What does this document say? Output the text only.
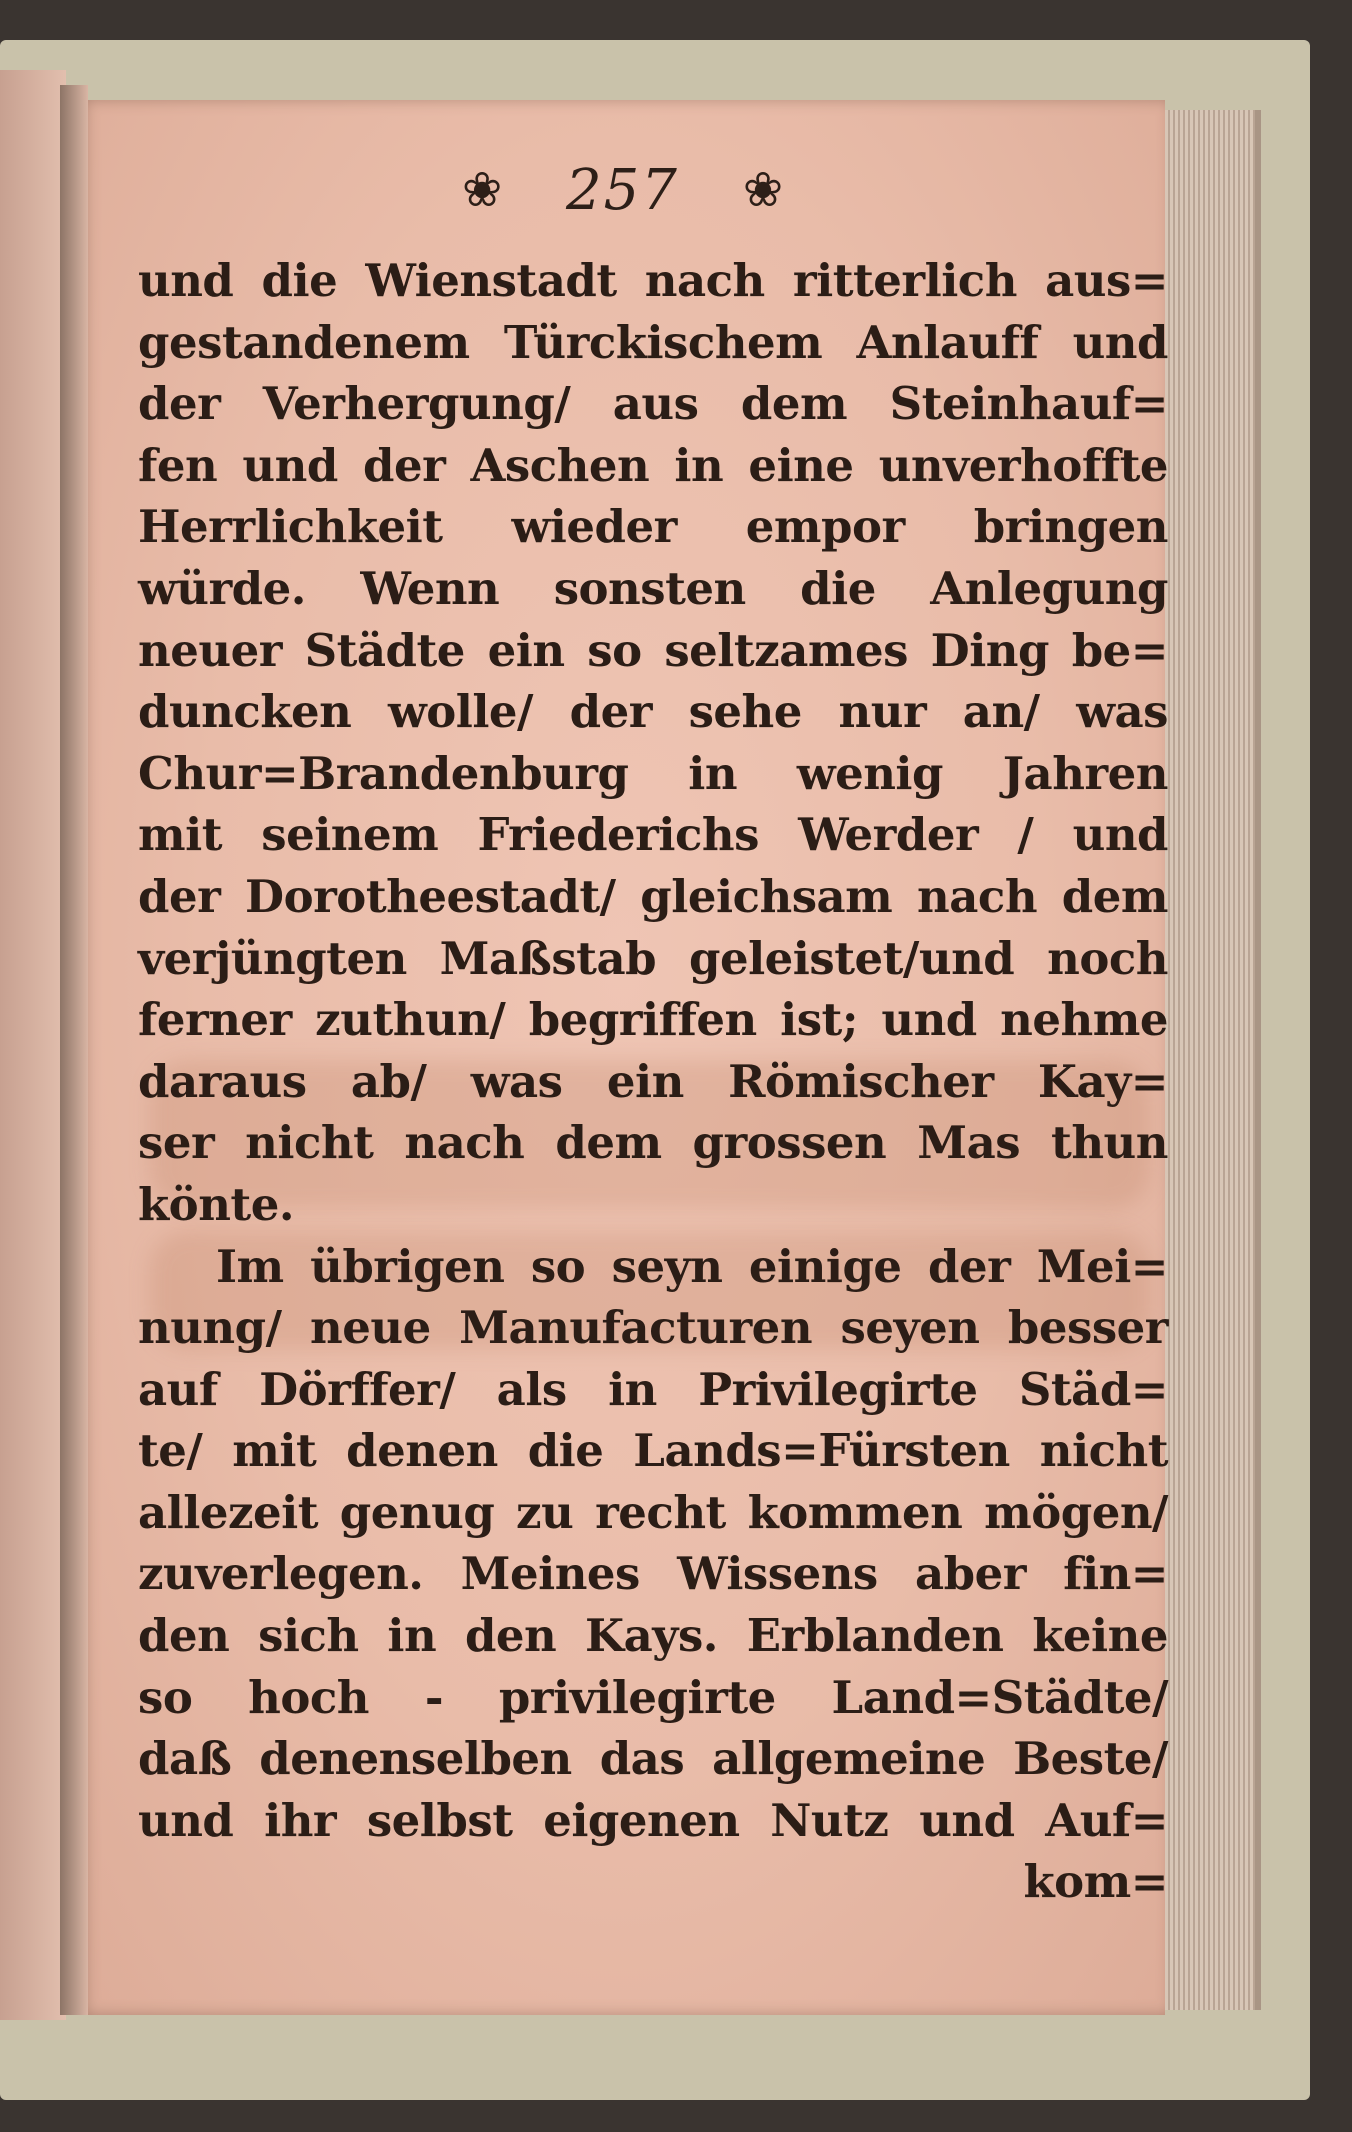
❀ 257 ❀
und die Wienstadt nach ritterlich aus=
gestandenem Türckischem Anlauff und
der Verhergung/ aus dem Steinhauf=
fen und der Aschen in eine unverhoffte
Herrlichkeit wieder empor bringen
würde. Wenn sonsten die Anlegung
neuer Städte ein so seltzames Ding be=
duncken wolle/ der sehe nur an/ was
Chur=Brandenburg in wenig Jahren
mit seinem Friederichs Werder / und
der Dorotheestadt/ gleichsam nach dem
verjüngten Maßstab geleistet/und noch
ferner zuthun/ begriffen ist; und nehme
daraus ab/ was ein Römischer Kay=
ser nicht nach dem grossen Mas thun
könte.
Im übrigen so seyn einige der Mei=
nung/ neue Manufacturen seyen besser
auf Dörffer/ als in Privilegirte Städ=
te/ mit denen die Lands=Fürsten nicht
allezeit genug zu recht kommen mögen/
zuverlegen. Meines Wissens aber fin=
den sich in den Kays. Erblanden keine
so hoch - privilegirte Land=Städte/
daß denenselben das allgemeine Beste/
und ihr selbst eigenen Nutz und Auf=
kom=
